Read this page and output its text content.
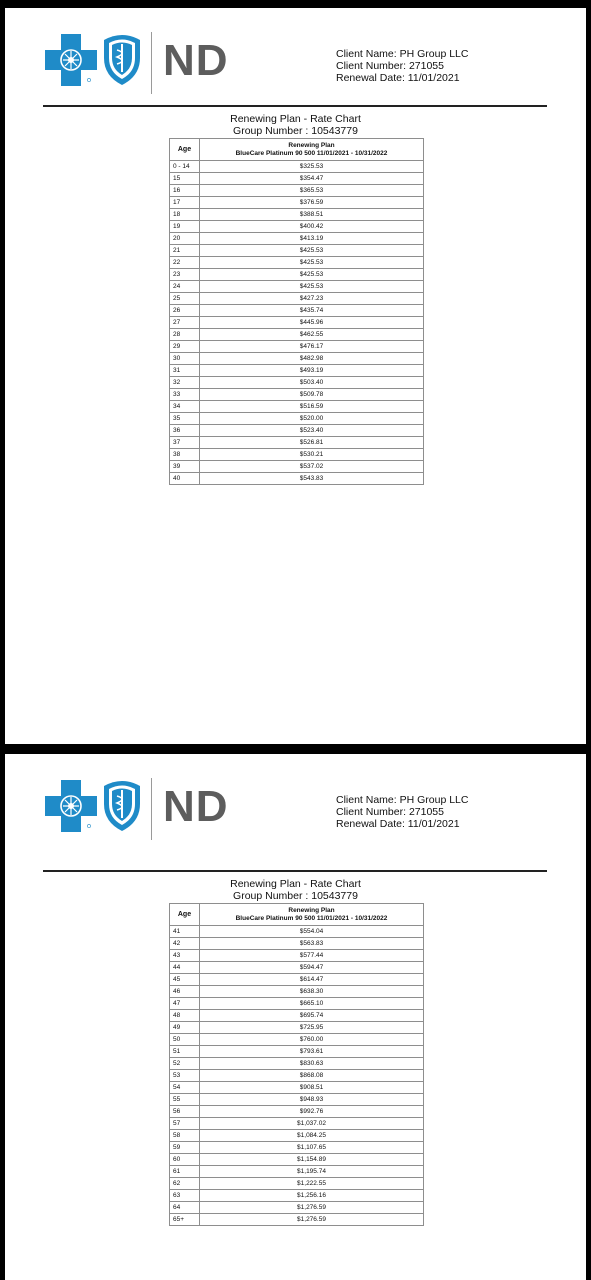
ND	Client Name: PH Group LLC
Client Number: 271055
Renewal Date: 11/01/2021
Renewing Plan - Rate Chart
Group Number : 10543779
Age	Renewing Plan
BlueCare Platinum 90 500 11/01/2021 - 10/31/2022

0 - 14	$325.53
15	$354.47
16	$365.53
17	$376.59
18	$388.51
19	$400.42
20	$413.19
21	$425.53
22	$425.53
23	$425.53
24	$425.53
25	$427.23
26	$435.74
27	$445.96
28	$462.55
29	$476.17
30	$482.98
31	$493.19
32	$503.40
33	$509.78
34	$516.59
35	$520.00
36	$523.40
37	$526.81
38	$530.21
39	$537.02
40	$543.83
ND	Client Name: PH Group LLC
Client Number: 271055
Renewal Date: 11/01/2021
Renewing Plan - Rate Chart
Group Number : 10543779
Age	Renewing Plan
BlueCare Platinum 90 500 11/01/2021 - 10/31/2022

41	$554.04
42	$563.83
43	$577.44
44	$594.47
45	$614.47
46	$638.30
47	$665.10
48	$695.74
49	$725.95
50	$760.00
51	$793.61
52	$830.63
53	$868.08
54	$908.51
55	$948.93
56	$992.76
57	$1,037.02
58	$1,084.25
59	$1,107.65
60	$1,154.89
61	$1,195.74
62	$1,222.55
63	$1,256.16
64	$1,276.59
65+	$1,276.59
